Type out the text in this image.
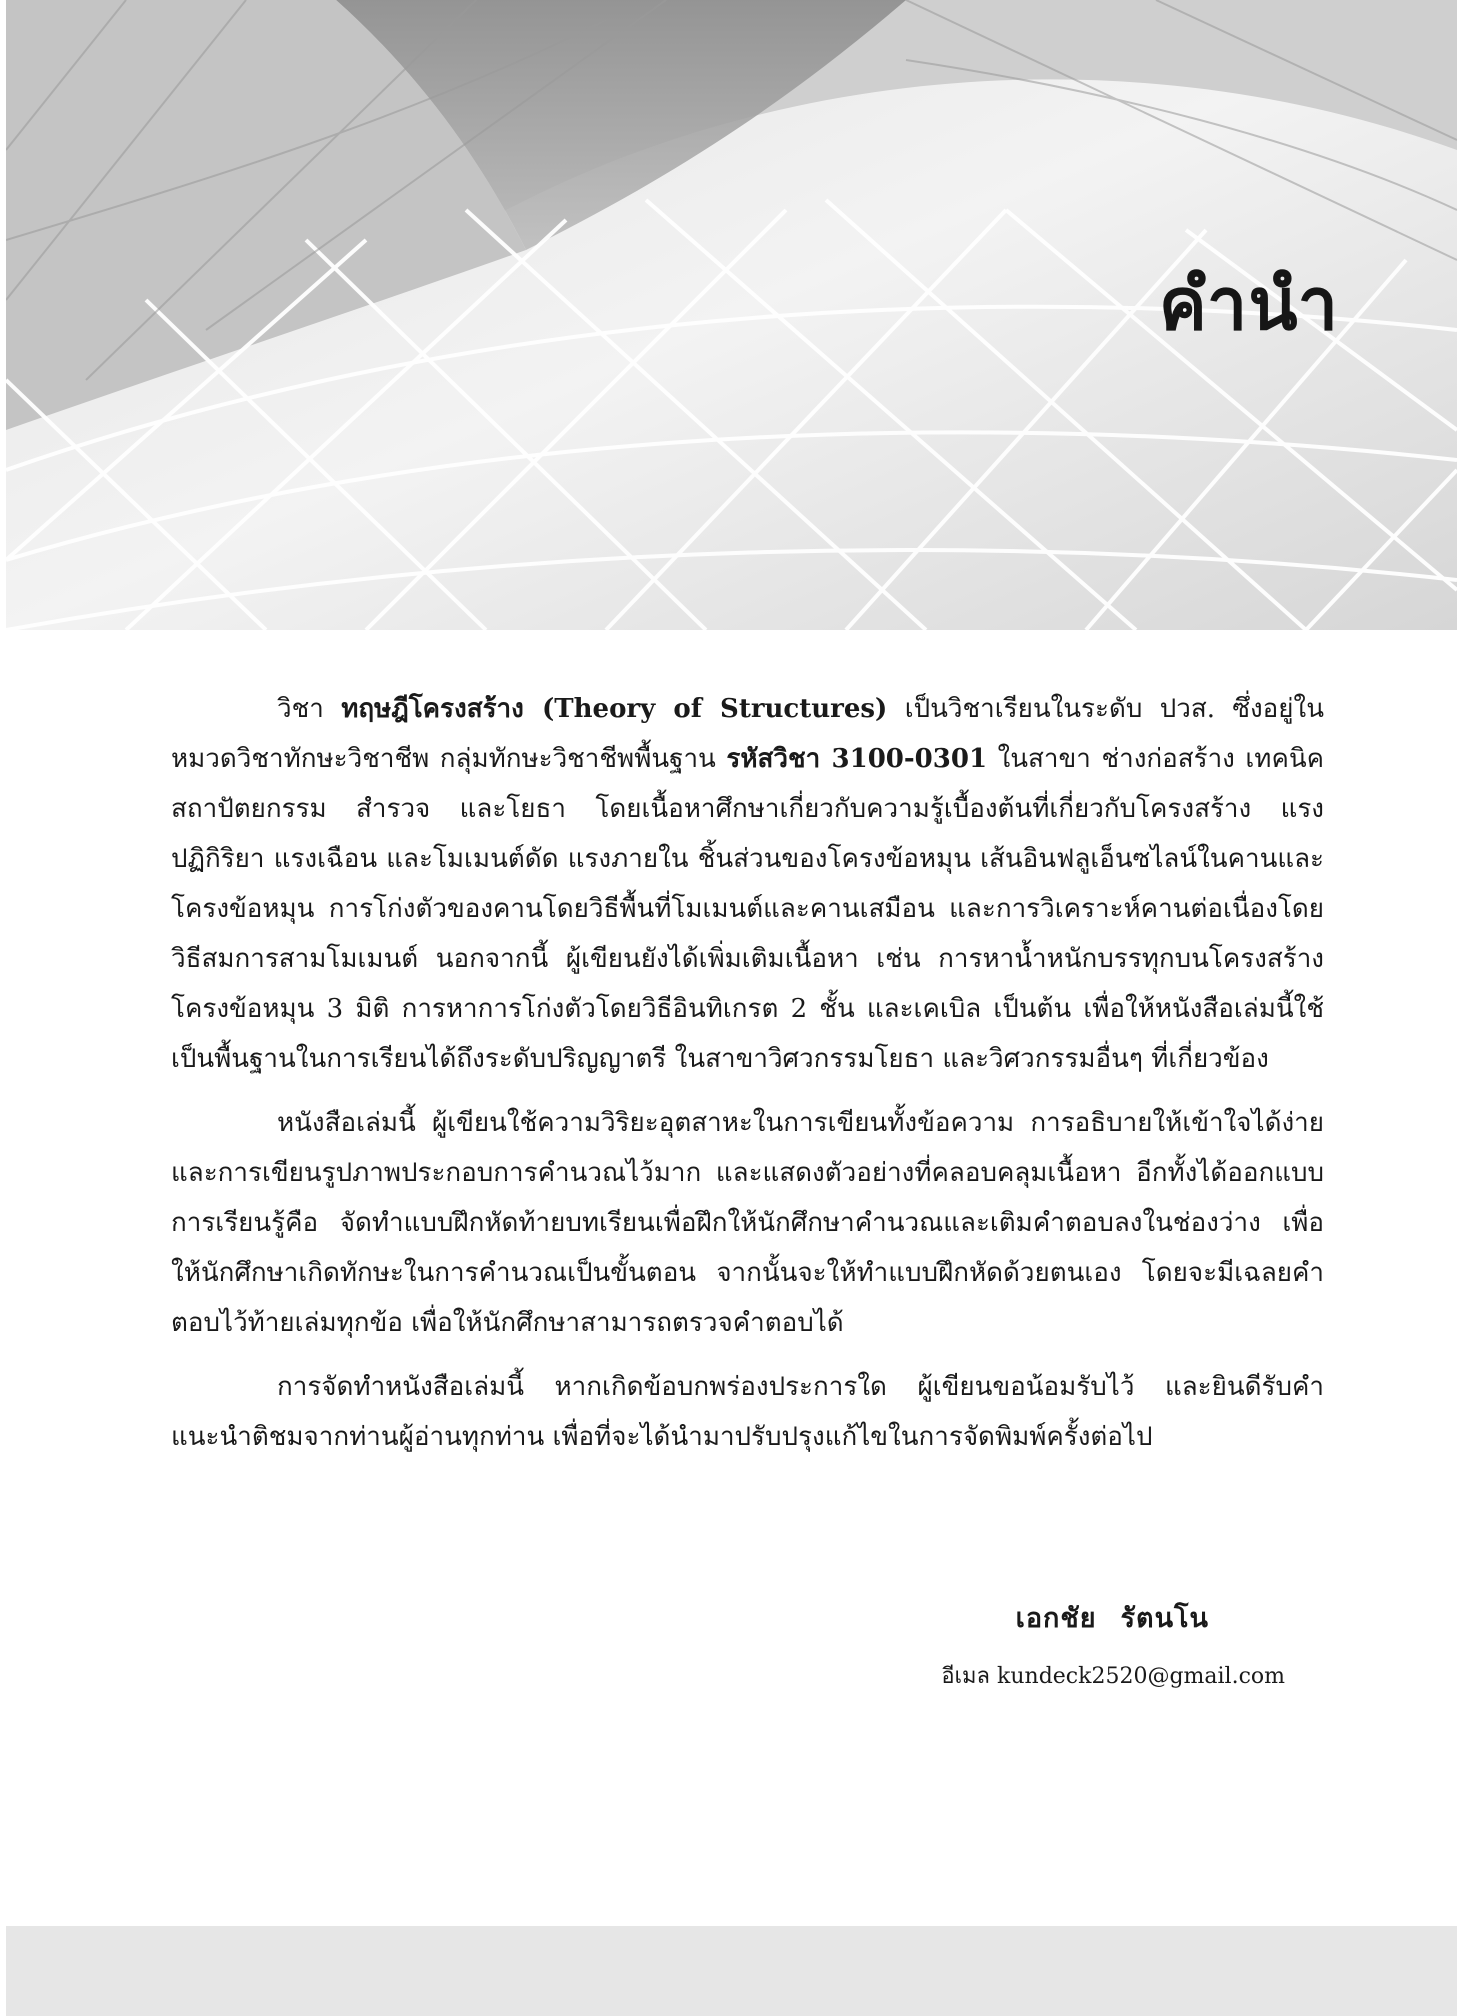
คำนำ

วิชา ทฤษฎีโครงสร้าง (Theory of Structures) เป็นวิชาเรียนในระดับ ปวส. ซึ่งอยู่ในหมวดวิชาทักษะวิชาชีพ กลุ่มทักษะวิชาชีพพื้นฐาน รหัสวิชา 3100-0301 ในสาขา ช่างก่อสร้าง เทคนิคสถาปัตยกรรม สำรวจ และโยธา โดยเนื้อหาศึกษาเกี่ยวกับความรู้เบื้องต้นที่เกี่ยวกับโครงสร้าง แรงปฏิกิริยา แรงเฉือน และโมเมนต์ดัด แรงภายใน ชิ้นส่วนของโครงข้อหมุน เส้นอินฟลูเอ็นซไลน์ในคานและโครงข้อหมุน การโก่งตัวของคานโดยวิธีพื้นที่โมเมนต์และคานเสมือน และการวิเคราะห์คานต่อเนื่องโดยวิธีสมการสามโมเมนต์ นอกจากนี้ ผู้เขียนยังได้เพิ่มเติมเนื้อหา เช่น การหาน้ำหนักบรรทุกบนโครงสร้าง โครงข้อหมุน 3 มิติ การหาการโก่งตัวโดยวิธีอินทิเกรต 2 ชั้น และเคเบิล เป็นต้น เพื่อให้หนังสือเล่มนี้ใช้เป็นพื้นฐานในการเรียนได้ถึงระดับปริญญาตรี ในสาขาวิศวกรรมโยธา และวิศวกรรมอื่นๆ ที่เกี่ยวข้อง

หนังสือเล่มนี้ ผู้เขียนใช้ความวิริยะอุตสาหะในการเขียนทั้งข้อความ การอธิบายให้เข้าใจได้ง่าย และการเขียนรูปภาพประกอบการคำนวณไว้มาก และแสดงตัวอย่างที่คลอบคลุมเนื้อหา อีกทั้งได้ออกแบบการเรียนรู้คือ จัดทำแบบฝึกหัดท้ายบทเรียนเพื่อฝึกให้นักศึกษาคำนวณและเติมคำตอบลงในช่องว่าง เพื่อให้นักศึกษาเกิดทักษะในการคำนวณเป็นขั้นตอน จากนั้นจะให้ทำแบบฝึกหัดด้วยตนเอง โดยจะมีเฉลยคำตอบไว้ท้ายเล่มทุกข้อ เพื่อให้นักศึกษาสามารถตรวจคำตอบได้

การจัดทำหนังสือเล่มนี้ หากเกิดข้อบกพร่องประการใด ผู้เขียนขอน้อมรับไว้ และยินดีรับคำแนะนำติชมจากท่านผู้อ่านทุกท่าน เพื่อที่จะได้นำมาปรับปรุงแก้ไขในการจัดพิมพ์ครั้งต่อไป

เอกชัย รัตนโน
อีเมล kundeck2520@gmail.com
